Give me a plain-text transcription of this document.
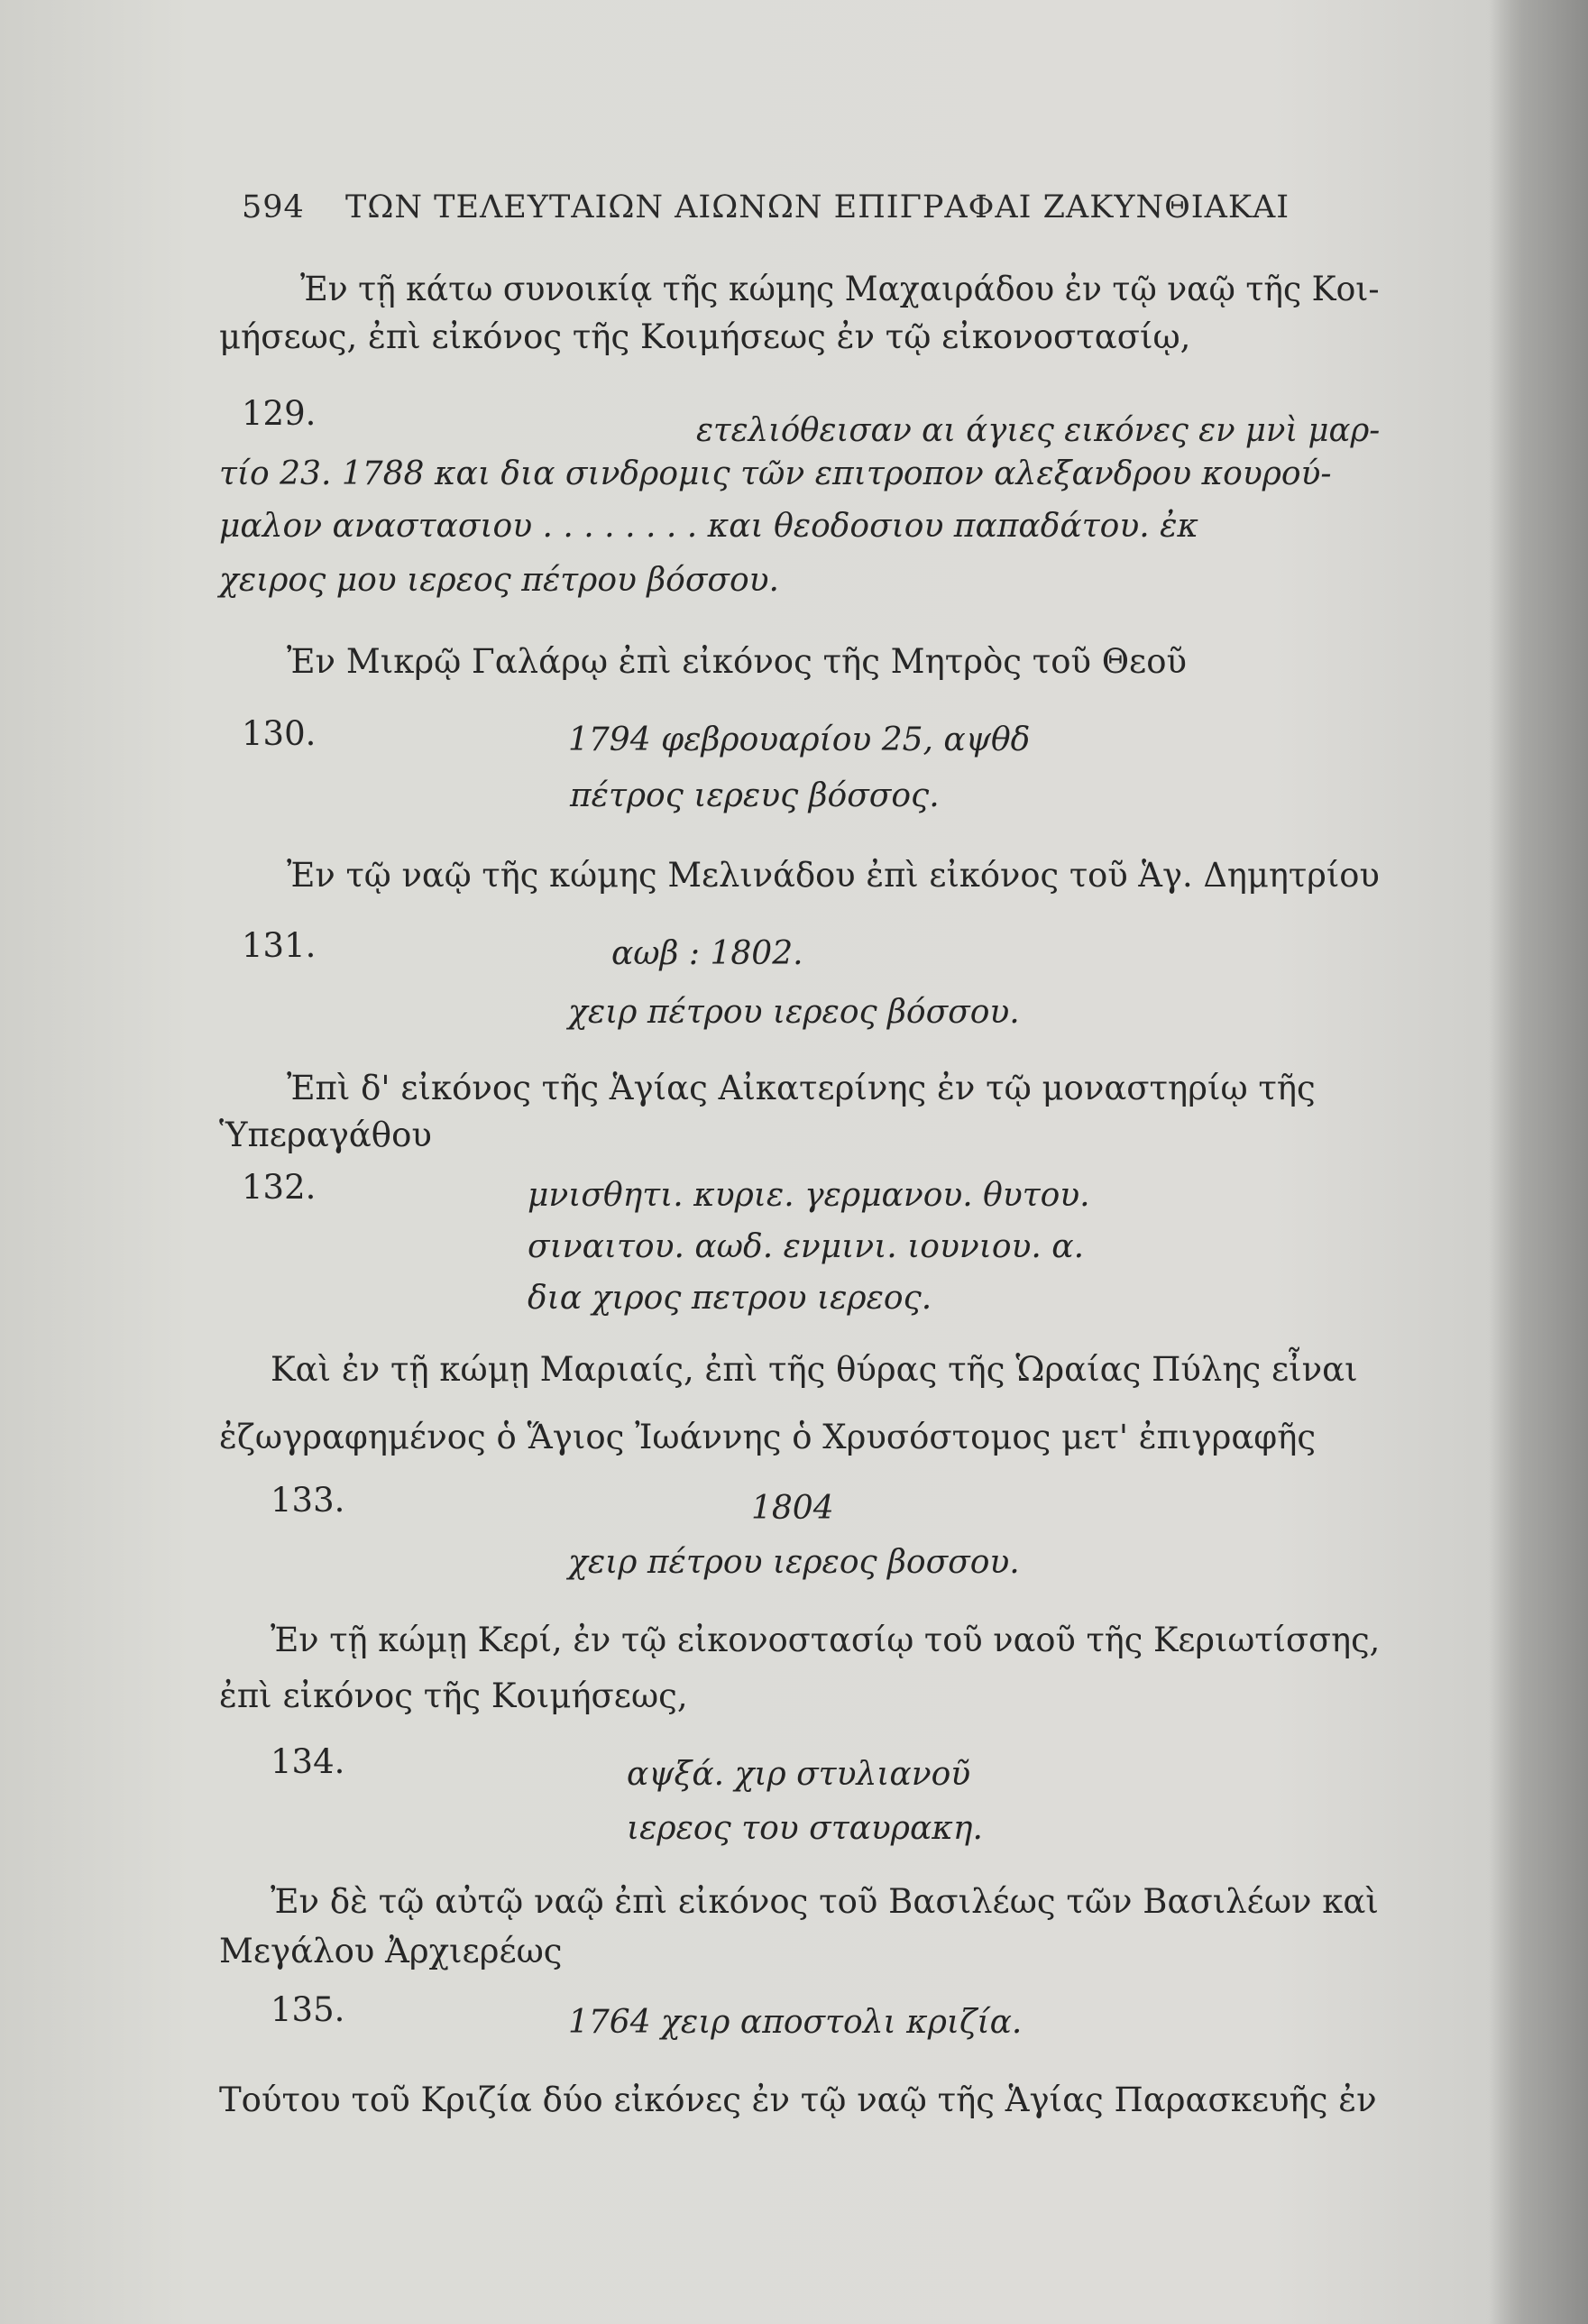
594 ΤΩΝ ΤΕΛΕΥΤΑΙΩΝ ΑΙΩΝΩΝ ΕΠΙΓΡΑΦΑΙ ΖΑΚΥΝΘΙΑΚΑΙ

Ἐν τῇ κάτω συνοικίᾳ τῆς κώμης Μαχαιράδου ἐν τῷ ναῷ τῆς Κοι-

μήσεως, ἐπὶ εἰκόνος τῆς Κοιμήσεως ἐν τῷ εἰκονοστασίῳ,

129.	ετελιόθεισαν αι άγιες εικόνες εν μνὶ μαρ-

τίο 23. 1788 και δια σινδρομις τῶν επιτροπον αλεξανδρου κουρού-

μαλον αναστασιου . . . . . . . . και θεοδοσιου παπαδάτου. ἐκ

χειρος μου ιερεος πέτρου βόσσου.

Ἐν Μικρῷ Γαλάρῳ ἐπὶ εἰκόνος τῆς Μητρὸς τοῦ Θεοῦ

130.	1794 φεβρουαρίου 25, αψθδ

πέτρος ιερευς βόσσος.

Ἐν τῷ ναῷ τῆς κώμης Μελινάδου ἐπὶ εἰκόνος τοῦ Ἁγ. Δημητρίου

131.	αωβ : 1802.

χειρ πέτρου ιερεος βόσσου.

Ἐπὶ δ' εἰκόνος τῆς Ἁγίας Αἰκατερίνης ἐν τῷ μοναστηρίῳ τῆς

Ὑπεραγάθου

132.	μνισθητι. κυριε. γερμανου. θυτου.

σιναιτου. αωδ. ενμινι. ιουνιου. α.

δια χιρος πετρου ιερεος.

Καὶ ἐν τῇ κώμῃ Μαριαίς, ἐπὶ τῆς θύρας τῆς Ὡραίας Πύλης εἶναι

ἐζωγραφημένος ὁ Ἅγιος Ἰωάννης ὁ Χρυσόστομος μετ' ἐπιγραφῆς

133.	1804

χειρ πέτρου ιερεος βοσσου.

Ἐν τῇ κώμῃ Κερί, ἐν τῷ εἰκονοστασίῳ τοῦ ναοῦ τῆς Κεριωτίσσης,

ἐπὶ εἰκόνος τῆς Κοιμήσεως,

134.	αψξά. χιρ στυλιανοῦ

ιερεος του σταυρακη.

Ἐν δὲ τῷ αὐτῷ ναῷ ἐπὶ εἰκόνος τοῦ Βασιλέως τῶν Βασιλέων καὶ

Μεγάλου Ἀρχιερέως

135.	1764 χειρ αποστολι κριζία.

Τούτου τοῦ Κριζία δύο εἰκόνες ἐν τῷ ναῷ τῆς Ἁγίας Παρασκευῆς ἐν
